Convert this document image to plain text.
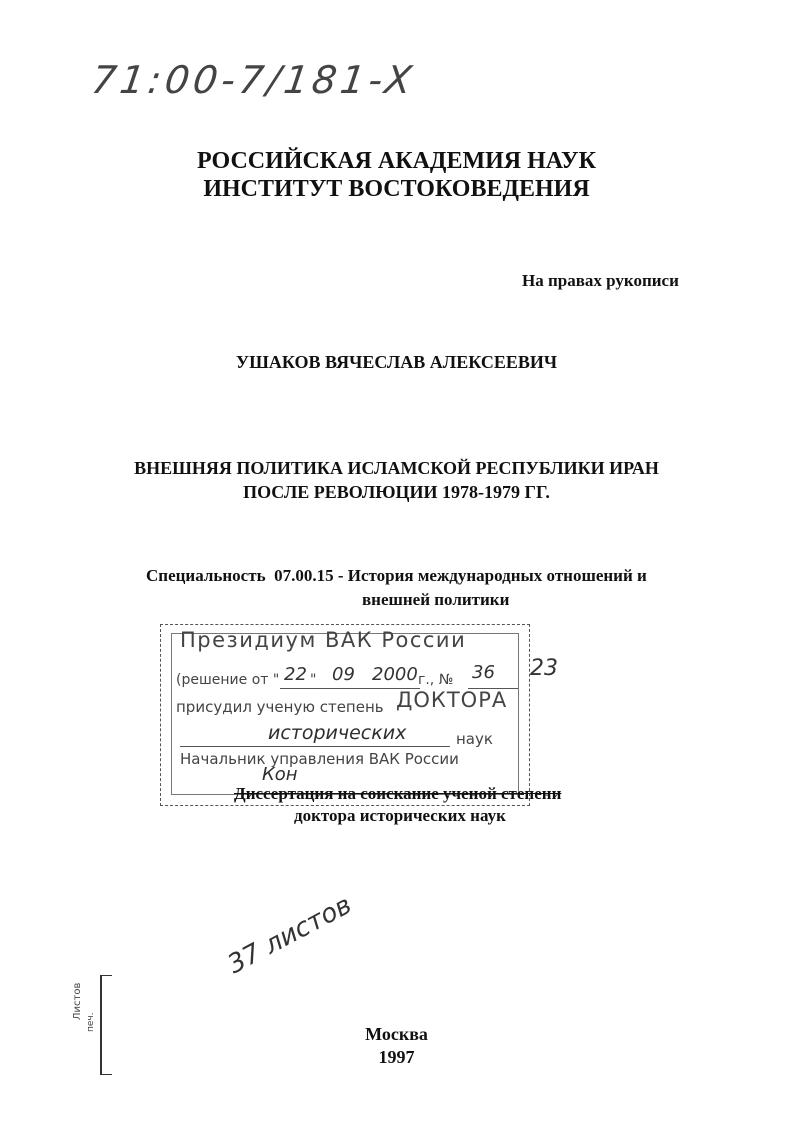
71:00-7/181-X
РОССИЙСКАЯ АКАДЕМИЯ НАУК
ИНСТИТУТ ВОСТОКОВЕДЕНИЯ
На правах рукописи
УШАКОВ ВЯЧЕСЛАВ АЛЕКСЕЕВИЧ
ВНЕШНЯЯ ПОЛИТИКА ИСЛАМСКОЙ РЕСПУБЛИКИ ИРАН
ПОСЛЕ РЕВОЛЮЦИИ 1978-1979 ГГ.
Специальность  07.00.15 - История международных отношений и
внешней политики
Президиум ВАК России
(решение от " 22 " 09 2000 г., № 36 23
присудил ученую степень ДОКТОРА
исторических	наук
Начальник управления ВАК России
Кон
Диссертация на соискание ученой степени
доктора исторических наук
37 листов
Листов
печ.
Москва
1997
